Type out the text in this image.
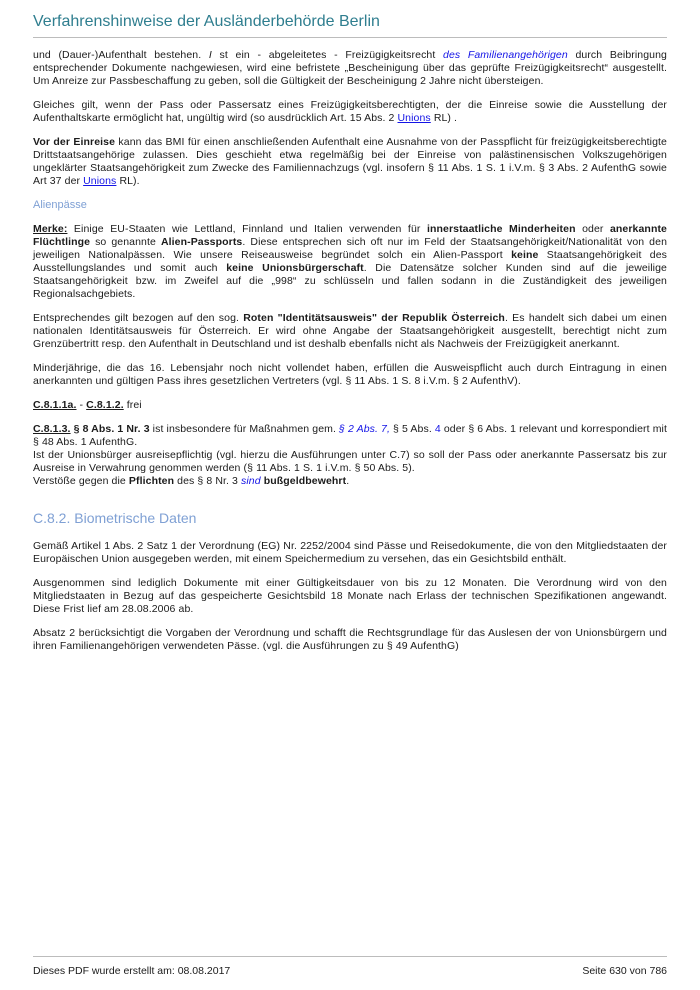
Verfahrenshinweise der Ausländerbehörde Berlin

und (Dauer-)Aufenthalt bestehen. I st ein - abgeleitetes - Freizügigkeitsrecht des Familienangehörigen durch Beibringung entsprechender Dokumente nachgewiesen, wird eine befristete „Bescheinigung über das geprüfte Freizügigkeitsrecht“ ausgestellt. Um Anreize zur Passbeschaffung zu geben, soll die Gültigkeit der Bescheinigung 2 Jahre nicht übersteigen.

Gleiches gilt, wenn der Pass oder Passersatz eines Freizügigkeitsberechtigten, der die Einreise sowie die Ausstellung der Aufenthaltskarte ermöglicht hat, ungültig wird (so ausdrücklich Art. 15 Abs. 2 Unions RL) .

Vor der Einreise kann das BMI für einen anschließenden Aufenthalt eine Ausnahme von der Passpflicht für freizügigkeitsberechtigte Drittstaatsangehörige zulassen. Dies geschieht etwa regelmäßig bei der Einreise von palästinensischen Volkszugehörigen ungeklärter Staatsangehörigkeit zum Zwecke des Familiennachzugs (vgl. insofern § 11 Abs. 1 S. 1 i.V.m. § 3 Abs. 2 AufenthG sowie Art 37 der Unions RL).

Alienpässe

Merke: Einige EU-Staaten wie Lettland, Finnland und Italien verwenden für innerstaatliche Minderheiten oder anerkannte Flüchtlinge so genannte Alien-Passports. Diese entsprechen sich oft nur im Feld der Staatsangehörigkeit/Nationalität von den jeweiligen Nationalpässen. Wie unsere Reiseausweise begründet solch ein Alien-Passport keine Staatsangehörigkeit des Ausstellungslandes und somit auch keine Unionsbürgerschaft. Die Datensätze solcher Kunden sind auf die jeweilige Staatsangehörigkeit bzw. im Zweifel auf die „998“ zu schlüsseln und fallen sodann in die Zuständigkeit des jeweiligen Regionalsachgebiets.

Entsprechendes gilt bezogen auf den sog. Roten "Identitätsausweis" der Republik Österreich. Es handelt sich dabei um einen nationalen Identitätsausweis für Österreich. Er wird ohne Angabe der Staatsangehörigkeit ausgestellt, berechtigt nicht zum Grenzübertritt resp. den Aufenthalt in Deutschland und ist deshalb ebenfalls nicht als Nachweis der Freizügigkeit anerkannt.

Minderjährige, die das 16. Lebensjahr noch nicht vollendet haben, erfüllen die Ausweispflicht auch durch Eintragung in einen anerkannten und gültigen Pass ihres gesetzlichen Vertreters (vgl. § 11 Abs. 1 S. 8 i.V.m. § 2 AufenthV).

C.8.1.1a. - C.8.1.2. frei

C.8.1.3. § 8 Abs. 1 Nr. 3 ist insbesondere für Maßnahmen gem. § 2 Abs. 7, § 5 Abs. 4 oder § 6 Abs. 1 relevant und korrespondiert mit § 48 Abs. 1 AufenthG.

Ist der Unionsbürger ausreisepflichtig (vgl. hierzu die Ausführungen unter C.7) so soll der Pass oder anerkannte Passersatz bis zur Ausreise in Verwahrung genommen werden (§ 11 Abs. 1 S. 1 i.V.m. § 50 Abs. 5).

Verstöße gegen die Pflichten des § 8 Nr. 3 sind bußgeldbewehrt.

C.8.2. Biometrische Daten

Gemäß Artikel 1 Abs. 2 Satz 1 der Verordnung (EG) Nr. 2252/2004 sind Pässe und Reisedokumente, die von den Mitgliedstaaten der Europäischen Union ausgegeben werden, mit einem Speichermedium zu versehen, das ein Gesichtsbild enthält.

Ausgenommen sind lediglich Dokumente mit einer Gültigkeitsdauer von bis zu 12 Monaten. Die Verordnung wird von den Mitgliedstaaten in Bezug auf das gespeicherte Gesichtsbild 18 Monate nach Erlass der technischen Spezifikationen angewandt. Diese Frist lief am 28.08.2006 ab.

Absatz 2 berücksichtigt die Vorgaben der Verordnung und schafft die Rechtsgrundlage für das Auslesen der von Unionsbürgern und ihren Familienangehörigen verwendeten Pässe. (vgl. die Ausführungen zu § 49 AufenthG)

Dieses PDF wurde erstellt am: 08.08.2017	Seite 630 von 786
